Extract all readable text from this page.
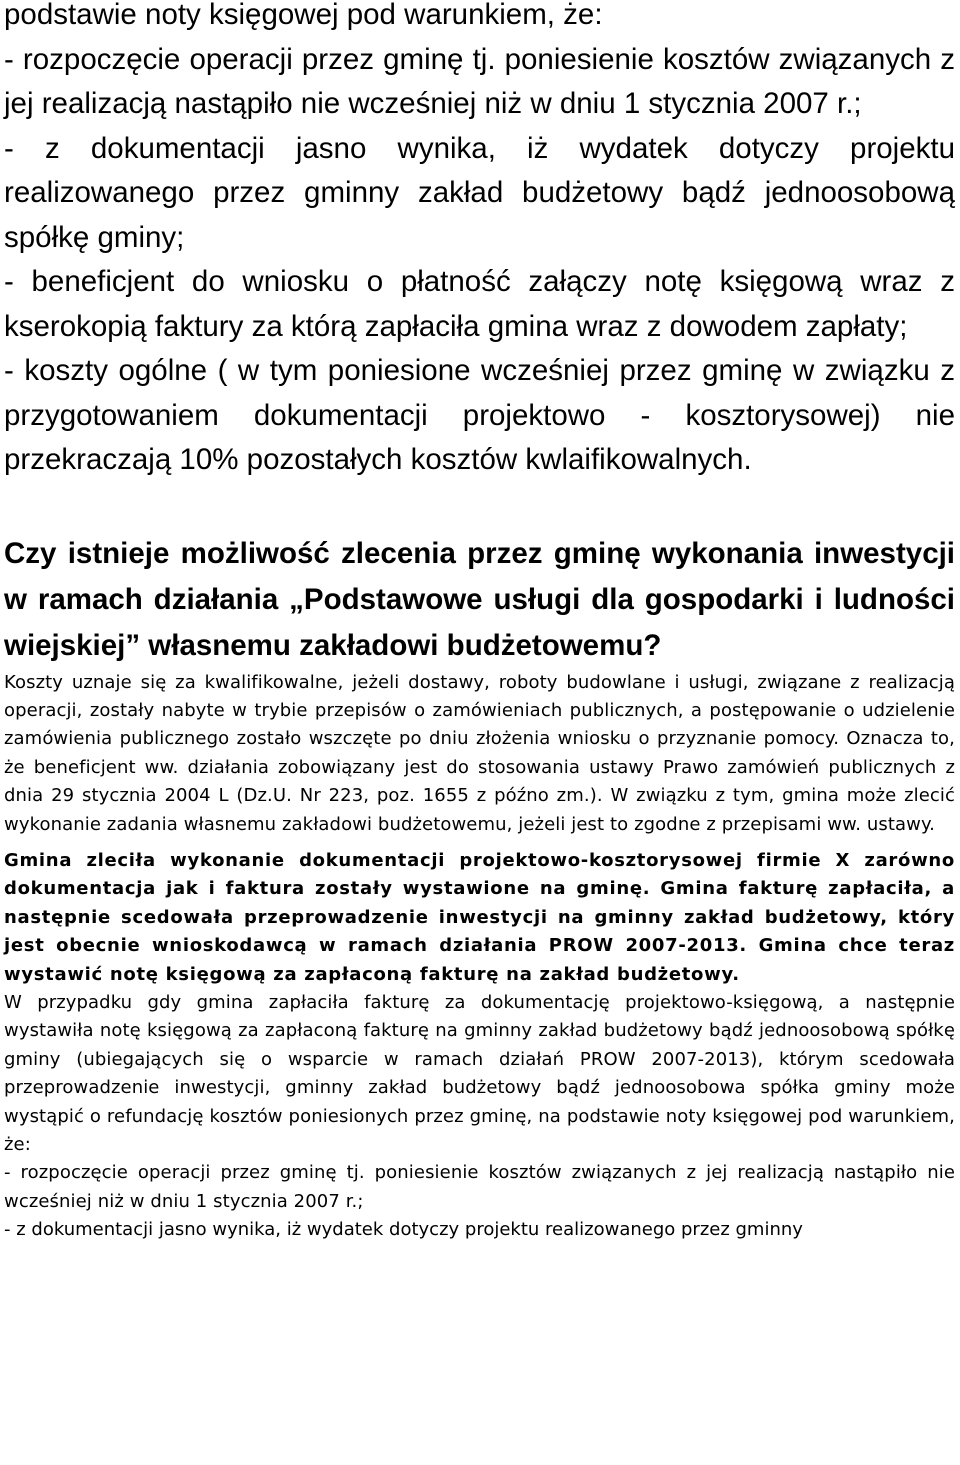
podstawie noty księgowej pod warunkiem, że:

- rozpoczęcie operacji przez gminę tj. poniesienie kosztów związanych z jej realizacją nastąpiło nie wcześniej niż w dniu 1 stycznia 2007 r.;

- z dokumentacji jasno wynika, iż wydatek dotyczy projektu realizowanego przez gminny zakład budżetowy bądź jednoosobową spółkę gminy;

- beneficjent do wniosku o płatność załączy notę księgową wraz z kserokopią faktury za którą zapłaciła gmina wraz z dowodem zapłaty;

- koszty ogólne ( w tym poniesione wcześniej przez gminę w związku z przygotowaniem dokumentacji projektowo - kosztorysowej) nie przekraczają 10% pozostałych kosztów kwlaifikowalnych.

Czy istnieje możliwość zlecenia przez gminę wykonania inwestycji w ramach działania „Podstawowe usługi dla gospodarki i ludności wiejskiej” własnemu zakładowi budżetowemu?

Koszty uznaje się za kwalifikowalne, jeżeli dostawy, roboty budowlane i usługi, związane z realizacją operacji, zostały nabyte w trybie przepisów o zamówieniach publicznych, a postępowanie o udzielenie zamówienia publicznego zostało wszczęte po dniu złożenia wniosku o przyznanie pomocy. Oznacza to, że beneficjent ww. działania zobowiązany jest do stosowania ustawy Prawo zamówień publicznych z dnia 29 stycznia 2004 L (Dz.U. Nr 223, poz. 1655 z późno zm.). W związku z tym, gmina może zlecić wykonanie zadania własnemu zakładowi budżetowemu, jeżeli jest to zgodne z przepisami ww. ustawy.

Gmina zleciła wykonanie dokumentacji projektowo-kosztorysowej firmie X zarówno dokumentacja jak i faktura zostały wystawione na gminę. Gmina fakturę zapłaciła, a następnie scedowała przeprowadzenie inwestycji na gminny zakład budżetowy, który jest obecnie wnioskodawcą w ramach działania PROW 2007-2013. Gmina chce teraz wystawić notę księgową za zapłaconą fakturę na zakład budżetowy.

W przypadku gdy gmina zapłaciła fakturę za dokumentację projektowo-księgową, a następnie wystawiła notę księgową za zapłaconą fakturę na gminny zakład budżetowy bądź jednoosobową spółkę gminy (ubiegających się o wsparcie w ramach działań PROW 2007-2013), którym scedowała przeprowadzenie inwestycji, gminny zakład budżetowy bądź jednoosobowa spółka gminy może wystąpić o refundację kosztów poniesionych przez gminę, na podstawie noty księgowej pod warunkiem, że:

- rozpoczęcie operacji przez gminę tj. poniesienie kosztów związanych z jej realizacją nastąpiło nie wcześniej niż w dniu 1 stycznia 2007 r.;

- z dokumentacji jasno wynika, iż wydatek dotyczy projektu realizowanego przez gminny
